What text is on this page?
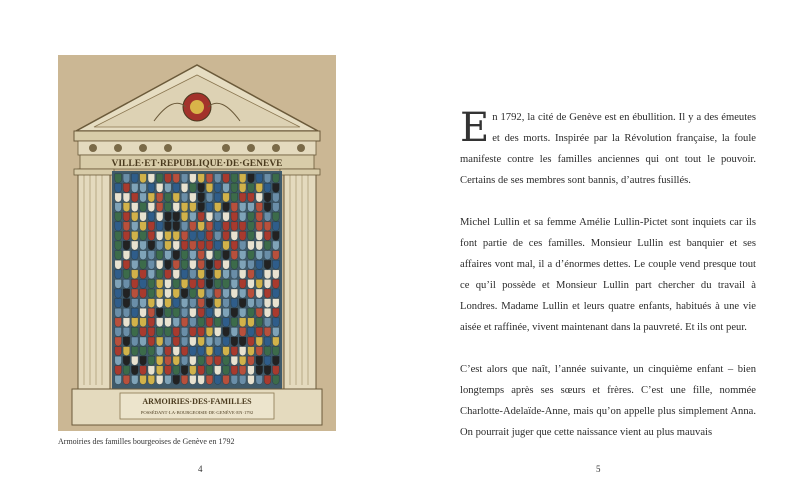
VILLE·ET·REPUBLIQUE·DE·GENEVE
ARMOIRIES·DES·FAMILLES
POSSÉDANT·LA·BOURGEOISIE·DE·GENÈVE·EN·1792
Armoiries des familles bourgeoises de Genève en 1792
4

En 1792, la cité de Genève est en ébullition. Il y a des émeutes et des morts. Inspirée par la Révolution française, la foule manifeste contre les familles anciennes qui ont tout le pouvoir. Certains de ses membres sont bannis, d’autres fusillés.

Michel Lullin et sa femme Amélie Lullin-Pictet sont inquiets car ils font partie de ces familles. Monsieur Lullin est banquier et ses affaires vont mal, il a d’énormes dettes. Le couple vend presque tout ce qu’il possède et Monsieur Lullin part chercher du travail à Londres. Madame Lullin et leurs quatre enfants, habitués à une vie aisée et raffinée, vivent maintenant dans la pauvreté. Et ils ont peur.

C’est alors que naît, l’année suivante, un cinquième enfant – bien longtemps après ses sœurs et frères. C’est une fille, nommée Charlotte-Adelaïde-Anne, mais qu’on appelle plus simplement Anna. On pourrait juger que cette naissance vient au plus mauvais

5
